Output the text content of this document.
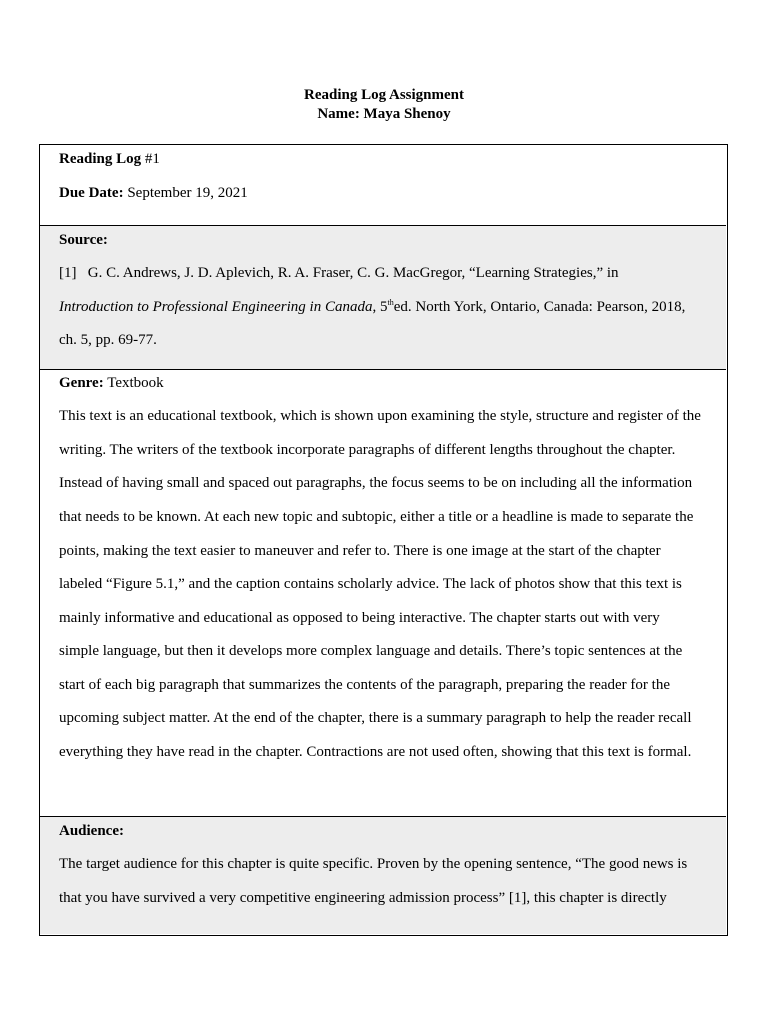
Reading Log Assignment
Name: Maya Shenoy
Reading Log #1
Due Date: September 19, 2021
Source:
[1] G. C. Andrews, J. D. Aplevich, R. A. Fraser, C. G. MacGregor, “Learning Strategies,” in
Introduction to Professional Engineering in Canada, 5thed. North York, Ontario, Canada: Pearson, 2018,
ch. 5, pp. 69-77.
Genre: Textbook
This text is an educational textbook, which is shown upon examining the style, structure and register of the
writing. The writers of the textbook incorporate paragraphs of different lengths throughout the chapter.
Instead of having small and spaced out paragraphs, the focus seems to be on including all the information
that needs to be known. At each new topic and subtopic, either a title or a headline is made to separate the
points, making the text easier to maneuver and refer to. There is one image at the start of the chapter
labeled “Figure 5.1,” and the caption contains scholarly advice. The lack of photos show that this text is
mainly informative and educational as opposed to being interactive. The chapter starts out with very
simple language, but then it develops more complex language and details. There’s topic sentences at the
start of each big paragraph that summarizes the contents of the paragraph, preparing the reader for the
upcoming subject matter. At the end of the chapter, there is a summary paragraph to help the reader recall
everything they have read in the chapter. Contractions are not used often, showing that this text is formal.
Audience:
The target audience for this chapter is quite specific. Proven by the opening sentence, “The good news is
that you have survived a very competitive engineering admission process” [1], this chapter is directly
